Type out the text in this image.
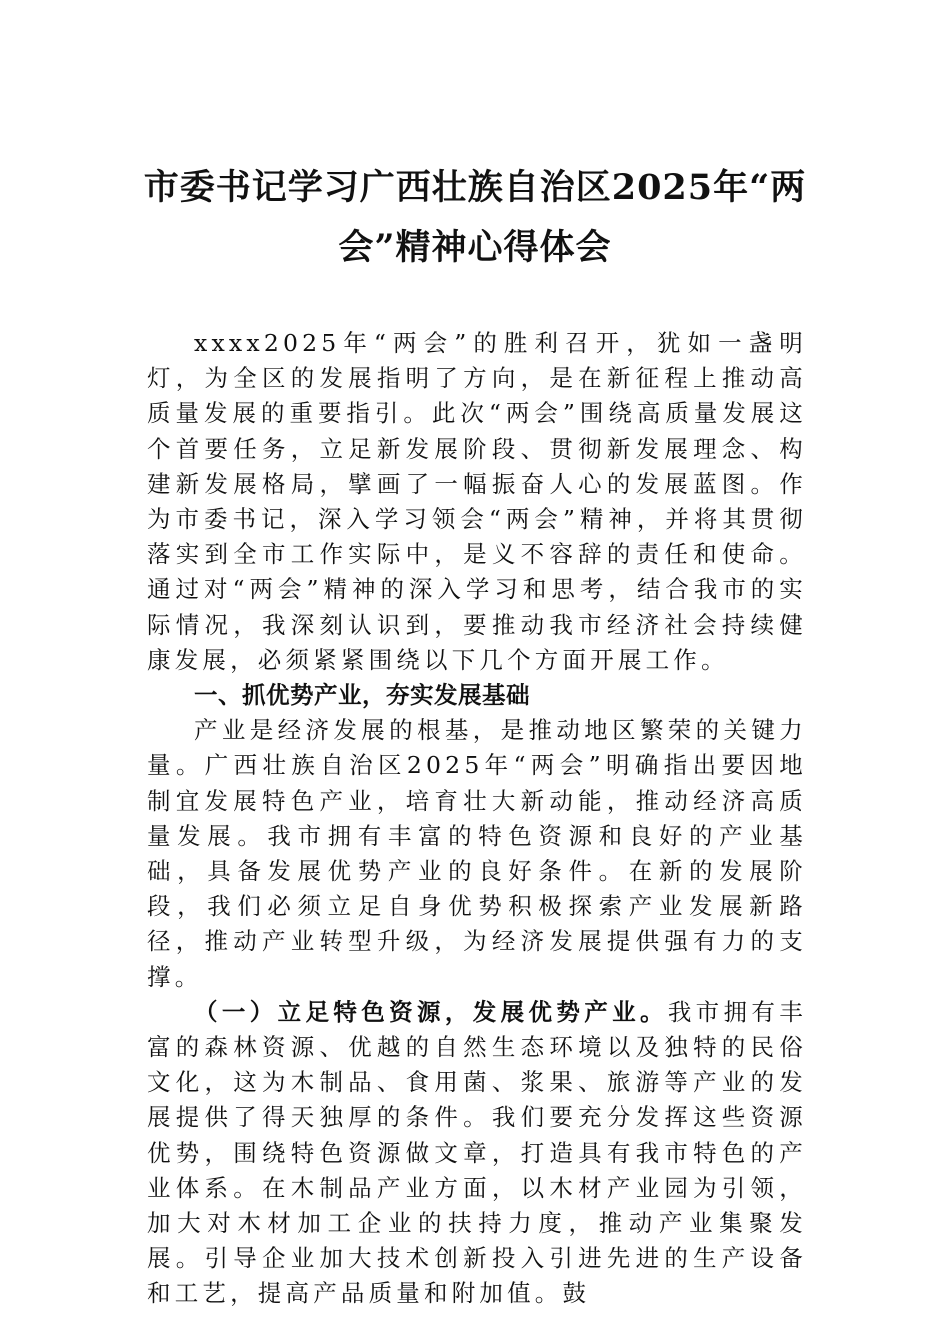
市委书记学习广西壮族自治区2025年“两会”精神心得体会

xxxx2025年“两会”的胜利召开，犹如一盏明灯，为全区的发展指明了方向，是在新征程上推动高质量发展的重要指引。此次“两会”围绕高质量发展这个首要任务，立足新发展阶段、贯彻新发展理念、构建新发展格局，擘画了一幅振奋人心的发展蓝图。作为市委书记，深入学习领会“两会”精神，并将其贯彻落实到全市工作实际中，是义不容辞的责任和使命。通过对“两会”精神的深入学习和思考，结合我市的实际情况，我深刻认识到，要推动我市经济社会持续健康发展，必须紧紧围绕以下几个方面开展工作。

一、抓优势产业，夯实发展基础

产业是经济发展的根基，是推动地区繁荣的关键力量。广西壮族自治区2025年“两会”明确指出要因地制宜发展特色产业，培育壮大新动能，推动经济高质量发展。我市拥有丰富的特色资源和良好的产业基础，具备发展优势产业的良好条件。在新的发展阶段，我们必须立足自身优势积极探索产业发展新路径，推动产业转型升级，为经济发展提供强有力的支撑。

（一）立足特色资源，发展优势产业。我市拥有丰富的森林资源、优越的自然生态环境以及独特的民俗文化，这为木制品、食用菌、浆果、旅游等产业的发展提供了得天独厚的条件。我们要充分发挥这些资源优势，围绕特色资源做文章，打造具有我市特色的产业体系。在木制品产业方面，以木材产业园为引领，加大对木材加工企业的扶持力度，推动产业集聚发展。引导企业加大技术创新投入引进先进的生产设备和工艺，提高产品质量和附加值。鼓
